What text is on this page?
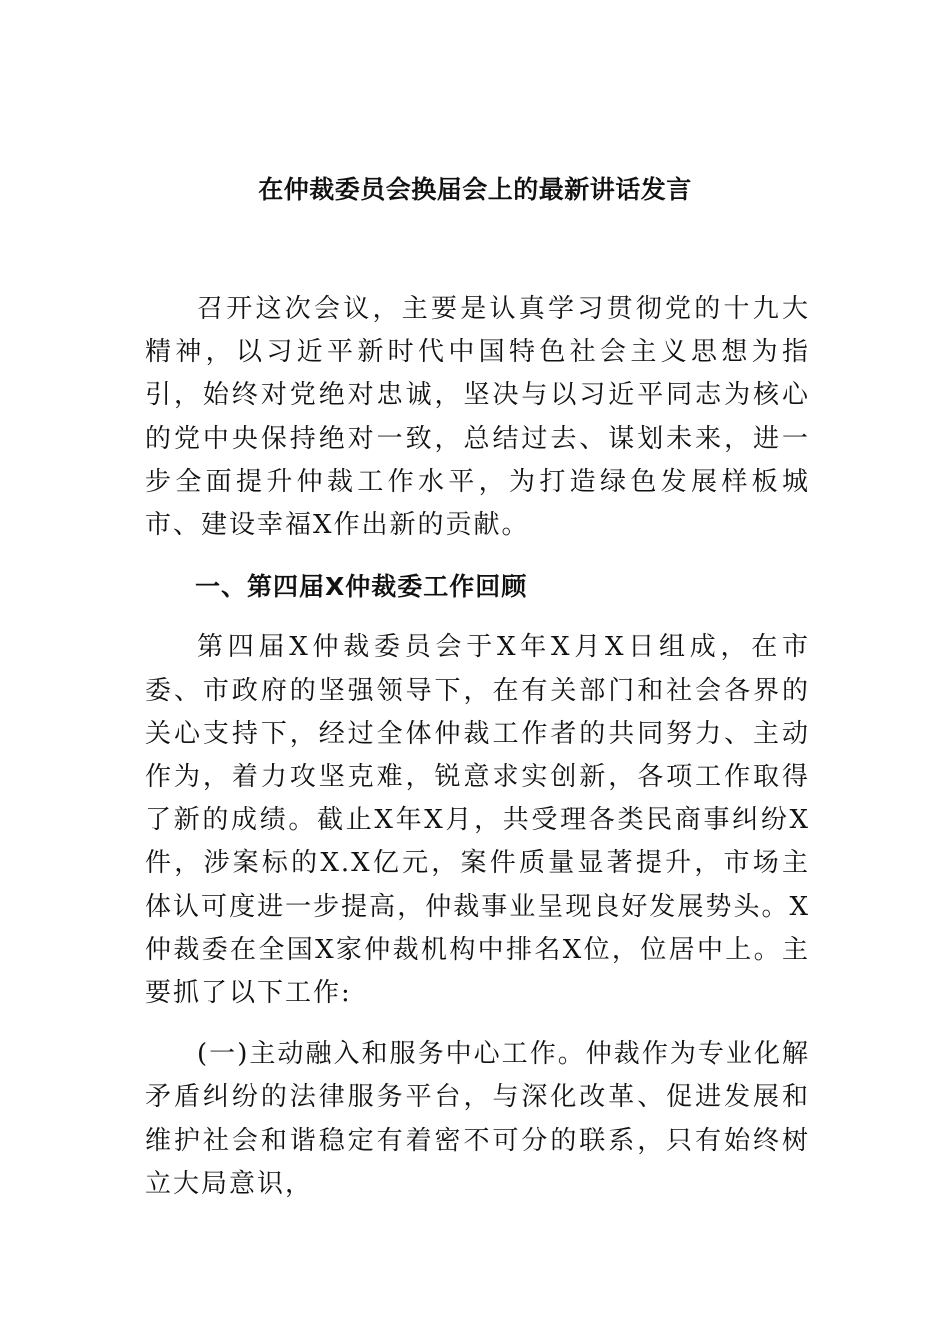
在仲裁委员会换届会上的最新讲话发言

召开这次会议，主要是认真学习贯彻党的十九大精神，以习近平新时代中国特色社会主义思想为指引，始终对党绝对忠诚，坚决与以习近平同志为核心的党中央保持绝对一致，总结过去、谋划未来，进一步全面提升仲裁工作水平，为打造绿色发展样板城市、建设幸福X作出新的贡献。

一、第四届X仲裁委工作回顾

第四届X仲裁委员会于X年X月X日组成，在市委、市政府的坚强领导下，在有关部门和社会各界的关心支持下，经过全体仲裁工作者的共同努力、主动作为，着力攻坚克难，锐意求实创新，各项工作取得了新的成绩。截止X年X月，共受理各类民商事纠纷X件，涉案标的X.X亿元，案件质量显著提升，市场主体认可度进一步提高，仲裁事业呈现良好发展势头。X仲裁委在全国X家仲裁机构中排名X位，位居中上。主要抓了以下工作:

(一)主动融入和服务中心工作。仲裁作为专业化解矛盾纠纷的法律服务平台，与深化改革、促进发展和维护社会和谐稳定有着密不可分的联系，只有始终树立大局意识，
